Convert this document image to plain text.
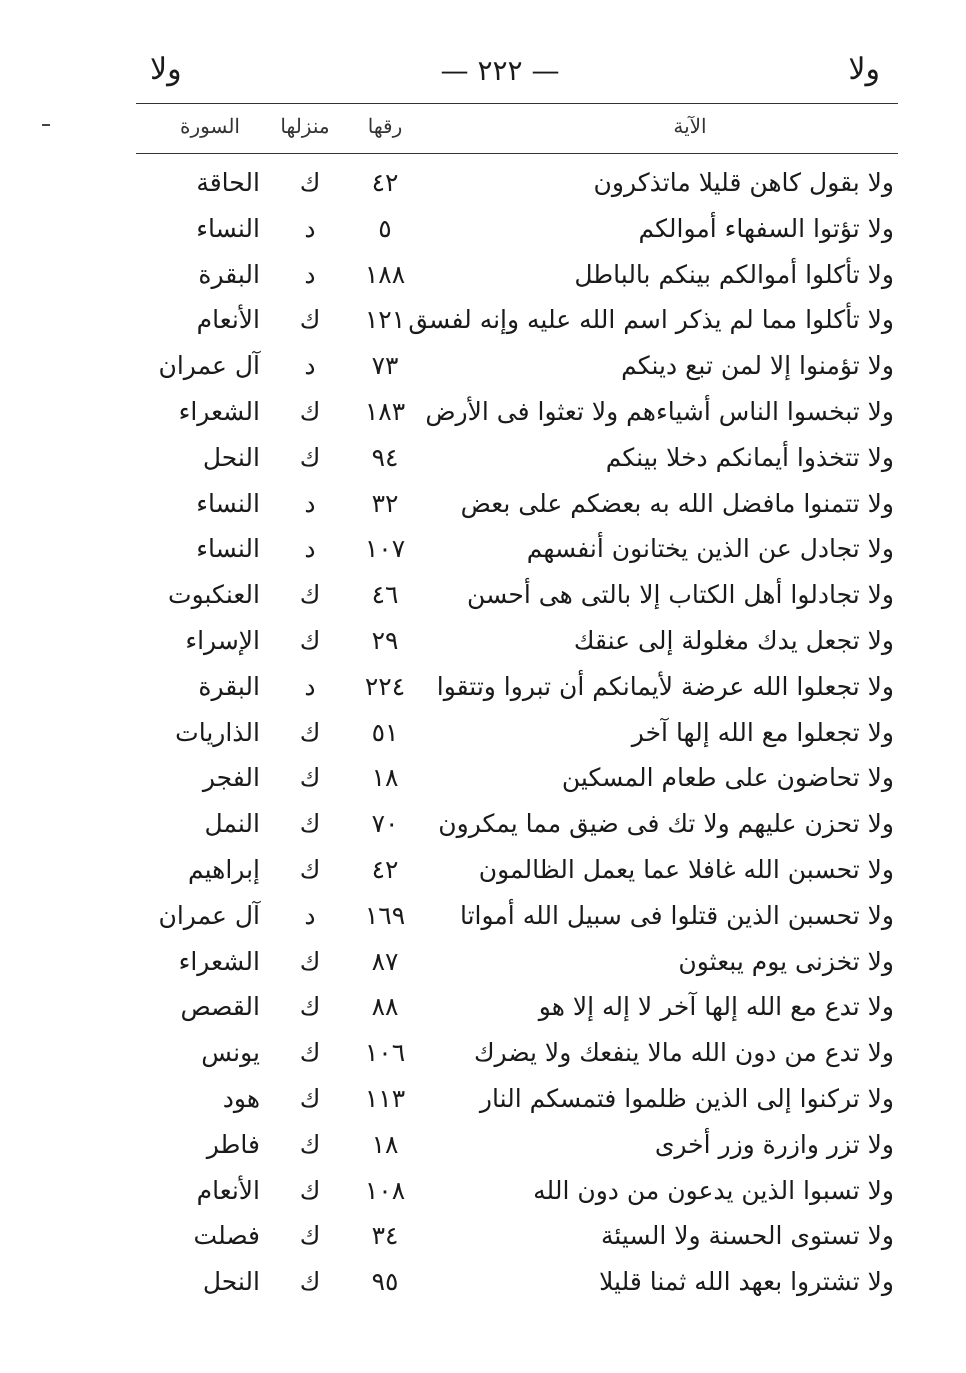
ولا
— ٢٢٢ —
ولا
الآية
رقها
منزلها
السورة
ولا بقول كاهن قليلا ماتذكرون
٤٢
ك
الحاقة
ولا تؤتوا السفهاء أموالكم
٥
د
النساء
ولا تأكلوا أموالكم بينكم بالباطل
١٨٨
د
البقرة
ولا تأكلوا مما لم يذكر اسم الله عليه وإنه لفسق
١٢١
ك
الأنعام
ولا تؤمنوا إلا لمن تبع دينكم
٧٣
د
آل عمران
ولا تبخسوا الناس أشياءهم ولا تعثوا فى الأرض
١٨٣
ك
الشعراء
ولا تتخذوا أيمانكم دخلا بينكم
٩٤
ك
النحل
ولا تتمنوا مافضل الله به بعضكم على بعض
٣٢
د
النساء
ولا تجادل عن الذين يختانون أنفسهم
١٠٧
د
النساء
ولا تجادلوا أهل الكتاب إلا بالتى هى أحسن
٤٦
ك
العنكبوت
ولا تجعل يدك مغلولة إلى عنقك
٢٩
ك
الإسراء
ولا تجعلوا الله عرضة لأيمانكم أن تبروا وتتقوا
٢٢٤
د
البقرة
ولا تجعلوا مع الله إلها آخر
٥١
ك
الذاريات
ولا تحاضون على طعام المسكين
١٨
ك
الفجر
ولا تحزن عليهم ولا تك فى ضيق مما يمكرون
٧٠
ك
النمل
ولا تحسبن الله غافلا عما يعمل الظالمون
٤٢
ك
إبراهيم
ولا تحسبن الذين قتلوا فى سبيل الله أمواتا
١٦٩
د
آل عمران
ولا تخزنى يوم يبعثون
٨٧
ك
الشعراء
ولا تدع مع الله إلها آخر لا إله إلا هو
٨٨
ك
القصص
ولا تدع من دون الله مالا ينفعك ولا يضرك
١٠٦
ك
يونس
ولا تركنوا إلى الذين ظلموا فتمسكم النار
١١٣
ك
هود
ولا تزر وازرة وزر أخرى
١٨
ك
فاطر
ولا تسبوا الذين يدعون من دون الله
١٠٨
ك
الأنعام
ولا تستوى الحسنة ولا السيئة
٣٤
ك
فصلت
ولا تشتروا بعهد الله ثمنا قليلا
٩٥
ك
النحل
